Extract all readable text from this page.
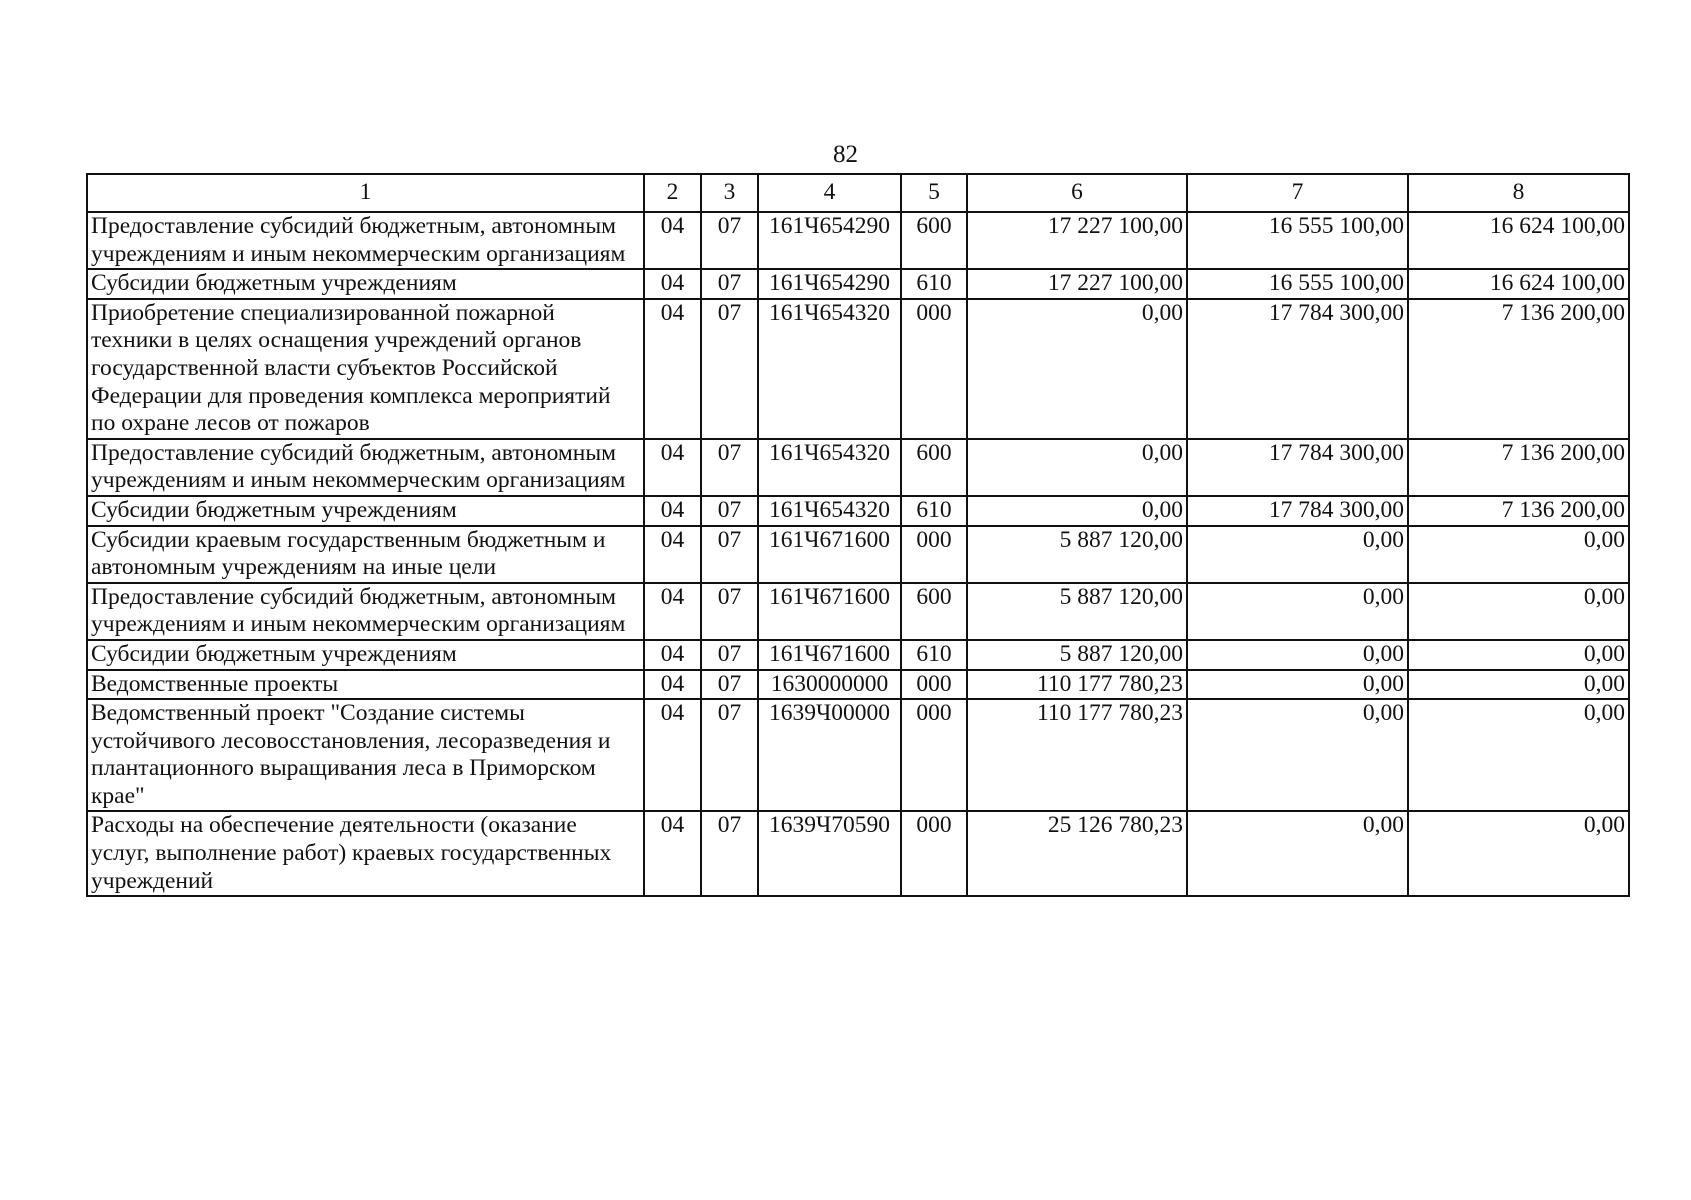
82
1	2	3	4	5	6	7	8
Предоставление субсидий бюджетным, автономным учреждениям и иным некоммерческим организациям	04	07	161Ч654290	600	17 227 100,00	16 555 100,00	16 624 100,00
Субсидии бюджетным учреждениям	04	07	161Ч654290	610	17 227 100,00	16 555 100,00	16 624 100,00
Приобретение специализированной пожарной техники в целях оснащения учреждений органов государственной власти субъектов Российской Федерации для проведения комплекса мероприятий по охране лесов от пожаров	04	07	161Ч654320	000	0,00	17 784 300,00	7 136 200,00
Предоставление субсидий бюджетным, автономным учреждениям и иным некоммерческим организациям	04	07	161Ч654320	600	0,00	17 784 300,00	7 136 200,00
Субсидии бюджетным учреждениям	04	07	161Ч654320	610	0,00	17 784 300,00	7 136 200,00
Субсидии краевым государственным бюджетным и автономным учреждениям на иные цели	04	07	161Ч671600	000	5 887 120,00	0,00	0,00
Предоставление субсидий бюджетным, автономным учреждениям и иным некоммерческим организациям	04	07	161Ч671600	600	5 887 120,00	0,00	0,00
Субсидии бюджетным учреждениям	04	07	161Ч671600	610	5 887 120,00	0,00	0,00
Ведомственные проекты	04	07	1630000000	000	110 177 780,23	0,00	0,00
Ведомственный проект "Создание системы устойчивого лесовосстановления, лесоразведения и плантационного выращивания леса в Приморском крае"	04	07	1639Ч00000	000	110 177 780,23	0,00	0,00
Расходы на обеспечение деятельности (оказание услуг, выполнение работ) краевых государственных учреждений	04	07	1639Ч70590	000	25 126 780,23	0,00	0,00
